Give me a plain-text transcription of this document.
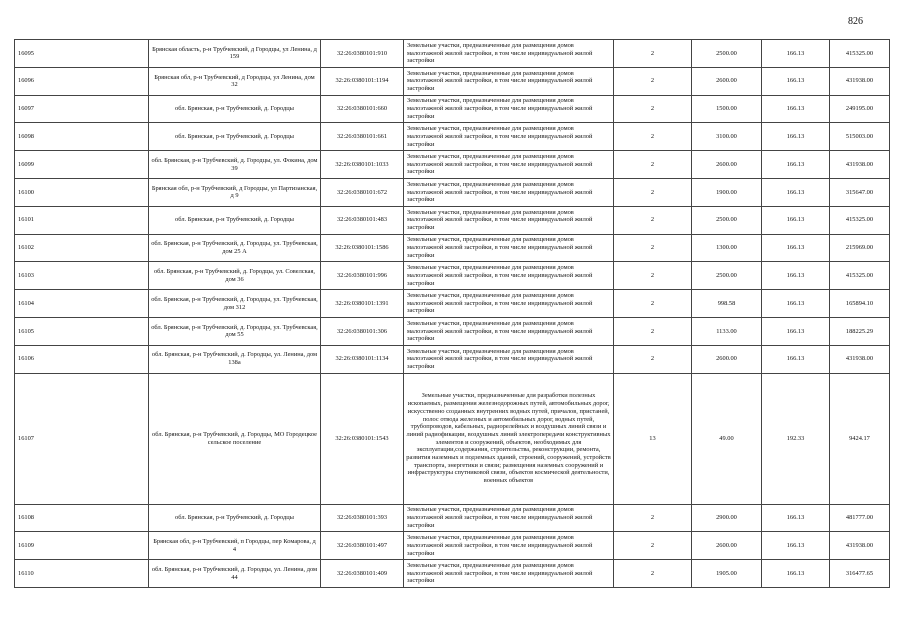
826
16095	Брянская область, р-н Трубчевский, д Городцы, ул Ленина, д 159	32:26:0380101:910	Земельные участки, предназначенные для размещения домов малоэтажной жилой застройки, в том числе индивидуальной жилой застройки	2	2500.00	166.13	415325.00
16096	Брянская обл, р-н Трубчевский, д Городцы, ул Ленина, дом 32	32:26:0380101:1194	Земельные участки, предназначенные для размещения домов малоэтажной жилой застройки, в том числе индивидуальной жилой застройки	2	2600.00	166.13	431938.00
16097	обл. Брянская, р-н Трубчевский, д. Городцы	32:26:0380101:660	Земельные участки, предназначенные для размещения домов малоэтажной жилой застройки, в том числе индивидуальной жилой застройки	2	1500.00	166.13	249195.00
16098	обл. Брянская, р-н Трубчевский, д. Городцы	32:26:0380101:661	Земельные участки, предназначенные для размещения домов малоэтажной жилой застройки, в том числе индивидуальной жилой застройки	2	3100.00	166.13	515003.00
16099	обл. Брянская, р-н Трубчевский, д. Городцы, ул. Фокина, дом 39	32:26:0380101:1033	Земельные участки, предназначенные для размещения домов малоэтажной жилой застройки, в том числе индивидуальной жилой застройки	2	2600.00	166.13	431938.00
16100	Брянская обл, р-н Трубчевский, д Городцы, ул Партизанская, д 9	32:26:0380101:672	Земельные участки, предназначенные для размещения домов малоэтажной жилой застройки, в том числе индивидуальной жилой застройки	2	1900.00	166.13	315647.00
16101	обл. Брянская, р-н Трубчевский, д. Городцы	32:26:0380101:483	Земельные участки, предназначенные для размещения домов малоэтажной жилой застройки, в том числе индивидуальной жилой застройки	2	2500.00	166.13	415325.00
16102	обл. Брянская, р-н Трубчевский, д. Городцы, ул. Трубчевская, дом 25 А	32:26:0380101:1586	Земельные участки, предназначенные для размещения домов малоэтажной жилой застройки, в том числе индивидуальной жилой застройки	2	1300.00	166.13	215969.00
16103	обл. Брянская, р-н Трубчевский, д. Городцы, ул. Совелская, дом 36	32:26:0380101:996	Земельные участки, предназначенные для размещения домов малоэтажной жилой застройки, в том числе индивидуальной жилой застройки	2	2500.00	166.13	415325.00
16104	обл. Брянская, р-н Трубчевский, д. Городцы, ул. Трубчевская, дом 312	32:26:0380101:1391	Земельные участки, предназначенные для размещения домов малоэтажной жилой застройки, в том числе индивидуальной жилой застройки	2	998.58	166.13	165894.10
16105	обл. Брянская, р-н Трубчевский, д. Городцы, ул. Трубчевская, дом 55	32:26:0380101:306	Земельные участки, предназначенные для размещения домов малоэтажной жилой застройки, в том числе индивидуальной жилой застройки	2	1133.00	166.13	188225.29
16106	обл. Брянская, р-н Трубчевский, д. Городцы, ул. Ленина, дом 138а	32:26:0380101:1134	Земельные участки, предназначенные для размещения домов малоэтажной жилой застройки, в том числе индивидуальной жилой застройки	2	2600.00	166.13	431938.00
16107	обл. Брянская, р-н Трубчевский, д. Городцы, МО Городецкое сельское поселение	32:26:0380101:1543	Земельные участки, предназначенные для разработки полезных ископаемых, размещения железнодорожных путей, автомобильных дорог, искусственно созданных внутренних водных путей, причалов, пристаней, полос отвода железных и автомобильных дорог, водных путей, трубопроводов, кабельных, радиорелейных и воздушных линий связи и линий радиофикации, воздушных линий электропередачи конструктивных элементов и сооружений, объектов, необходимых для эксплуатации,содержания, строительства, реконструкции, ремонта, развития наземных и подземных зданий, строений, сооружений, устройств транспорта, энергетики и связи; размещения наземных сооружений и инфраструктуры спутниковой связи, объектов космической деятельности, военных объектов	13	49.00	192.33	9424.17
16108	обл. Брянская, р-н Трубчевский, д. Городцы	32:26:0380101:393	Земельные участки, предназначенные для размещения домов малоэтажной жилой застройки, в том числе индивидуальной жилой застройки	2	2900.00	166.13	481777.00
16109	Брянская обл, р-н Трубчевский, п Городцы, пер Комарова, д 4	32:26:0380101:497	Земельные участки, предназначенные для размещения домов малоэтажной жилой застройки, в том числе индивидуальной жилой застройки	2	2600.00	166.13	431938.00
16110	обл. Брянская, р-н Трубчевский, д. Городцы, ул. Ленина, дом 44	32:26:0380101:409	Земельные участки, предназначенные для размещения домов малоэтажной жилой застройки, в том числе индивидуальной жилой застройки	2	1905.00	166.13	316477.65
